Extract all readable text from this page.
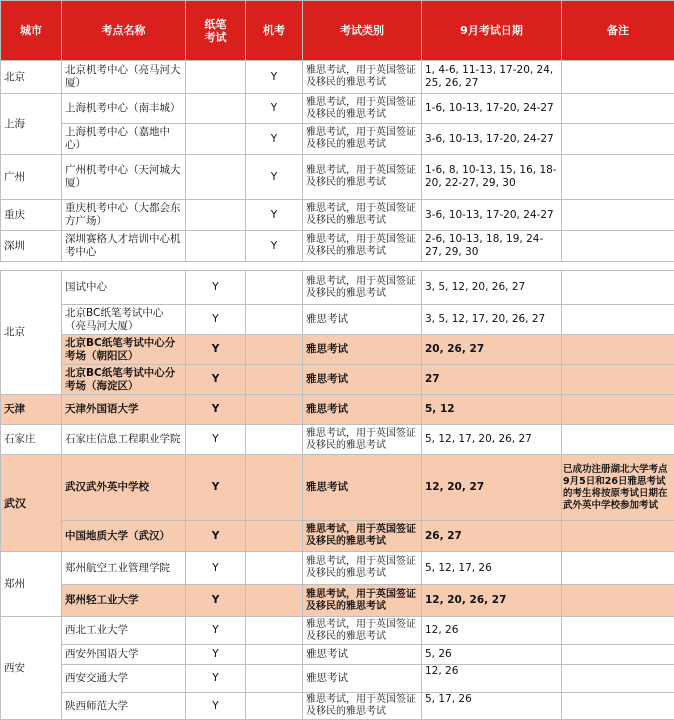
城市	考点名称	纸笔
考试	机考	考试类别	9月考试日期	备注
北京	北京机考中心（亮马河大厦）		Y	雅思考试，用于英国签证及移民的雅思考试	1, 4-6, 11-13, 17-20, 24, 25, 26, 27	
上海	上海机考中心（南丰城）		Y	雅思考试，用于英国签证及移民的雅思考试	1-6, 10-13, 17-20, 24-27	
	上海机考中心（嘉地中心）		Y	雅思考试，用于英国签证及移民的雅思考试	3-6, 10-13, 17-20, 24-27	
广州	广州机考中心（天河城大厦）		Y	雅思考试，用于英国签证及移民的雅思考试	1-6, 8, 10-13, 15, 16, 18-20, 22-27, 29, 30	
重庆	重庆机考中心（大都会东方广场）		Y	雅思考试，用于英国签证及移民的雅思考试	3-6, 10-13, 17-20, 24-27	
深圳	深圳赛格人才培训中心机考中心		Y	雅思考试，用于英国签证及移民的雅思考试	2-6, 10-13, 18, 19, 24-27, 29, 30	
北京	国试中心	Y		雅思考试，用于英国签证及移民的雅思考试	3, 5, 12, 20, 26, 27	
	北京BC纸笔考试中心（亮马河大厦）	Y		雅思考试	3, 5, 12, 17, 20, 26, 27	
	北京BC纸笔考试中心分考场（朝阳区）	Y		雅思考试	20, 26, 27	
	北京BC纸笔考试中心分考场（海淀区）	Y		雅思考试	27	
天津	天津外国语大学	Y		雅思考试	5, 12	
石家庄	石家庄信息工程职业学院	Y		雅思考试，用于英国签证及移民的雅思考试	5, 12, 17, 20, 26, 27	
武汉	武汉武外英中学校	Y		雅思考试	12, 20, 27	已成功注册湖北大学考点9月5日和26日雅思考试的考生将按原考试日期在武外英中学校参加考试
	中国地质大学（武汉）	Y		雅思考试，用于英国签证及移民的雅思考试	26, 27	
郑州	郑州航空工业管理学院	Y		雅思考试，用于英国签证及移民的雅思考试	5, 12, 17, 26	
	郑州轻工业大学	Y		雅思考试，用于英国签证及移民的雅思考试	12, 20, 26, 27	
西安	西北工业大学	Y		雅思考试，用于英国签证及移民的雅思考试	12, 26	
	西安外国语大学	Y		雅思考试	5, 26	
	西安交通大学	Y		雅思考试	12, 26	
	陕西师范大学	Y		雅思考试，用于英国签证及移民的雅思考试	5, 17, 26	
